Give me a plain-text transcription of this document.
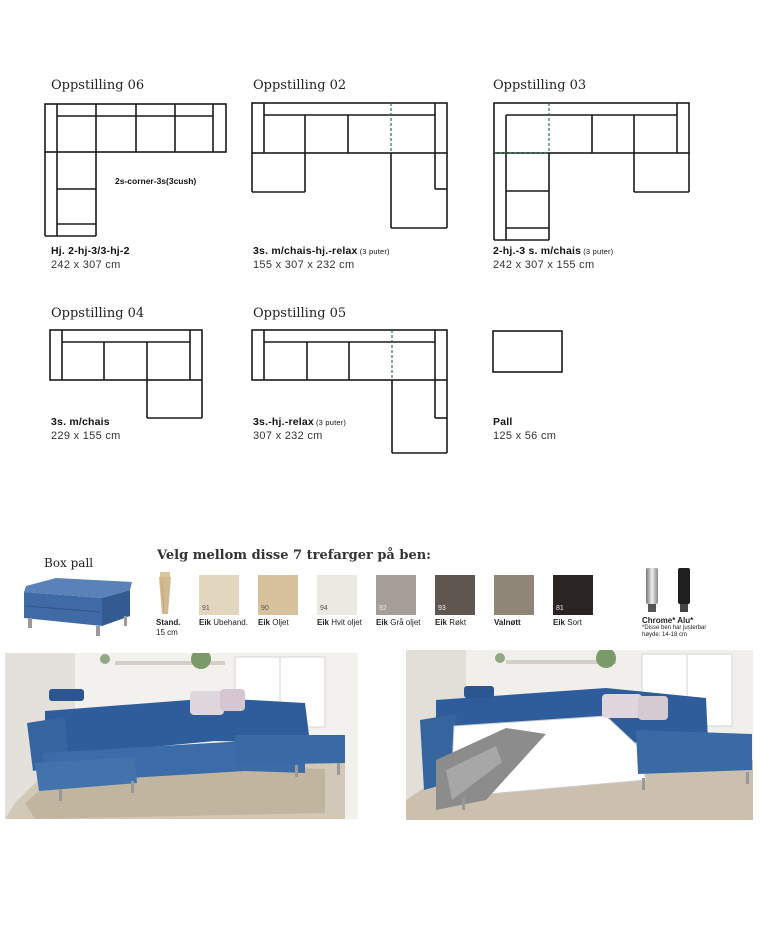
Oppstilling 06
2s-corner-3s(3cush)
Hj. 2-hj-3/3-hj-2
242 x 307 cm
Oppstilling 02
3s. m/chais-hj.-relax (3 puter)
155 x 307 x 232 cm
Oppstilling 03
2-hj.-3 s. m/chais (3 puter)
242 x 307 x 155 cm
Oppstilling 04
3s. m/chais
229 x 155 cm
Oppstilling 05
3s.-hj.-relax (3 puter)
307 x 232 cm
Pall
125 x 56 cm
Box pall	Velg mellom disse 7 trefarger på ben:
Stand.
15 cm
91
Eik Ubehand.
90
Eik Oljet
94
Eik Hvit oljet
92
Eik Grå oljet
93
Eik Røkt	Valnøtt
81
Eik Sort	Chrome* Alu*
*Disse ben har justerbar
høyde: 14-18 cm
